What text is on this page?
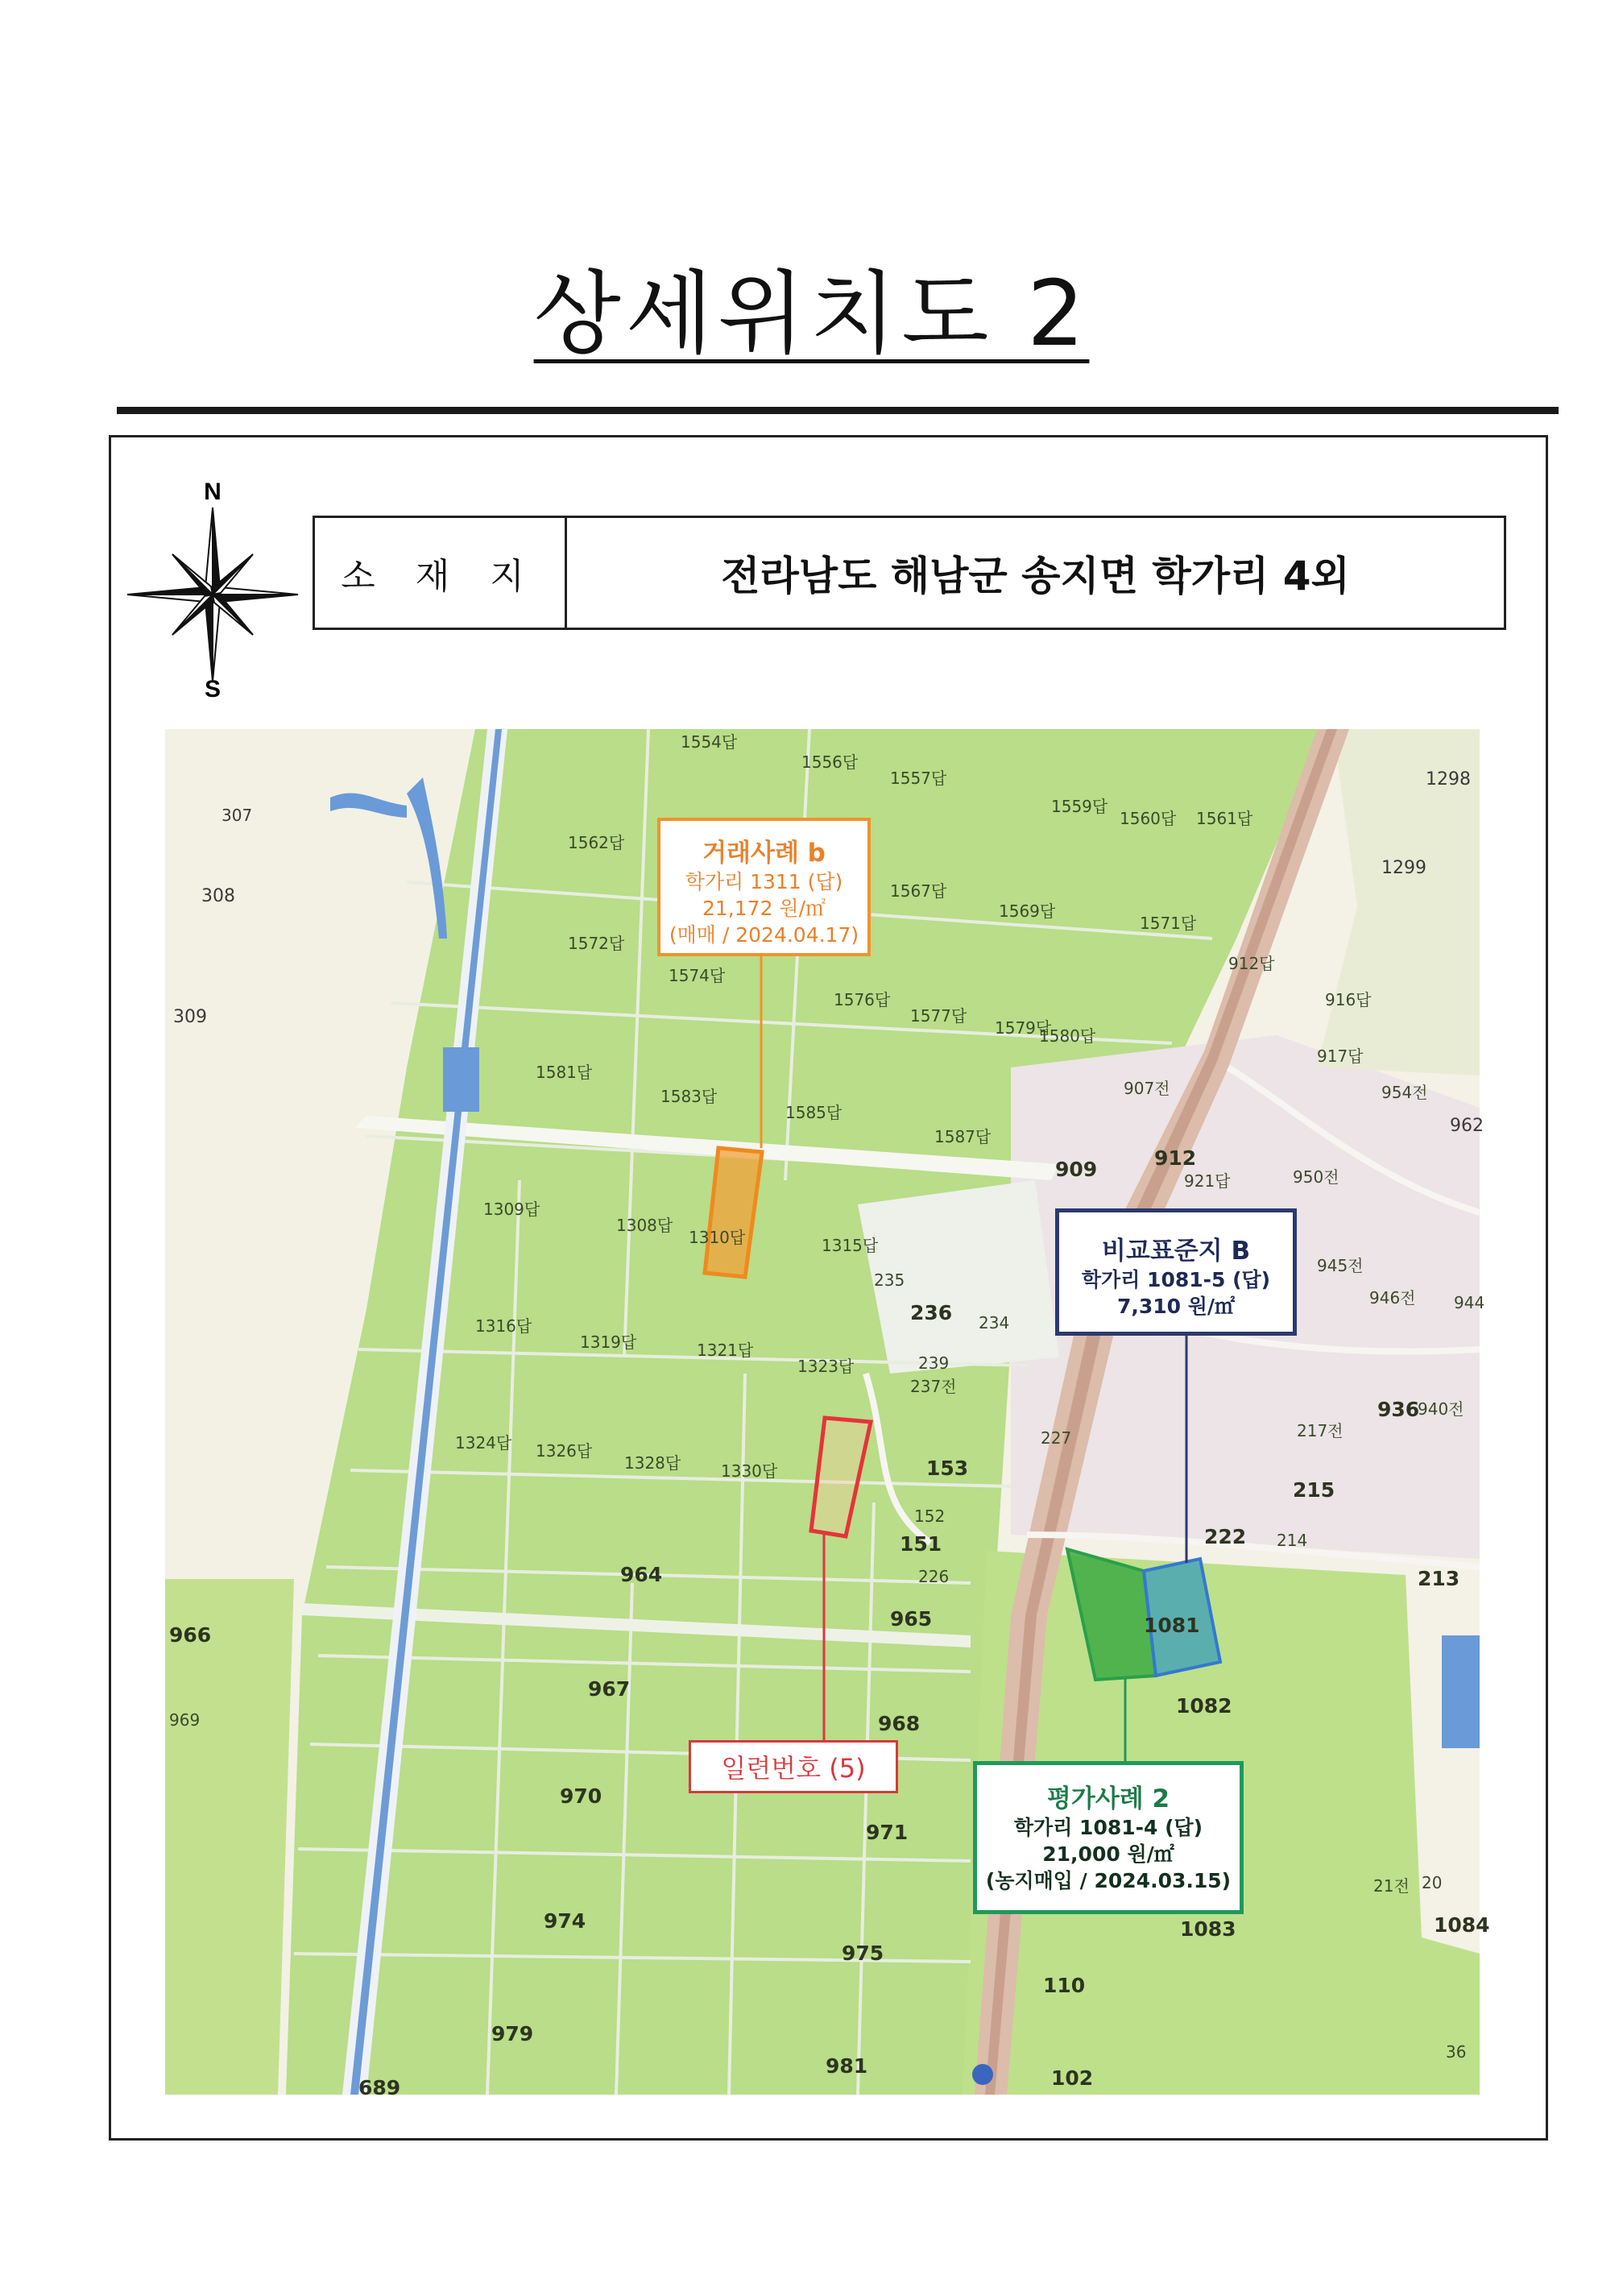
상세위치도 2
N
S
소 재 지	전라남도 해남군 송지면 학가리 4외
1298
1299
308
307
309
1554답
1556답
1557답
1559답
1560답 1561답
1562답
1567답
1569답
1571답
1572답
1574답
1576답
1577답
1579답
1580답
1581답
1583답
1585답
1587답
1309답
1308답
1310답	1315답
1316답
1319답	1321답
1323답
1324답 1326답
1328답 1330답
912답
916답
917답
907전
909	912
921답	950전
954전
962
945전
946전 944
236 234
235
239
237전
226
227
936
940전
217전
153
152
151	222 214
215
213
964
965
966
967
968
970
971
974
975
979
981
969
1081
1082
1083	1084
110
102
689
21전 20
36
거래사례 b
학가리 1311 (답)
21,172 원/㎡
(매매 / 2024.04.17)
비교표준지 B
학가리 1081-5 (답)
7,310 원/㎡
일련번호 (5)
평가사례 2
학가리 1081-4 (답)
21,000 원/㎡
(농지매입 / 2024.03.15)
